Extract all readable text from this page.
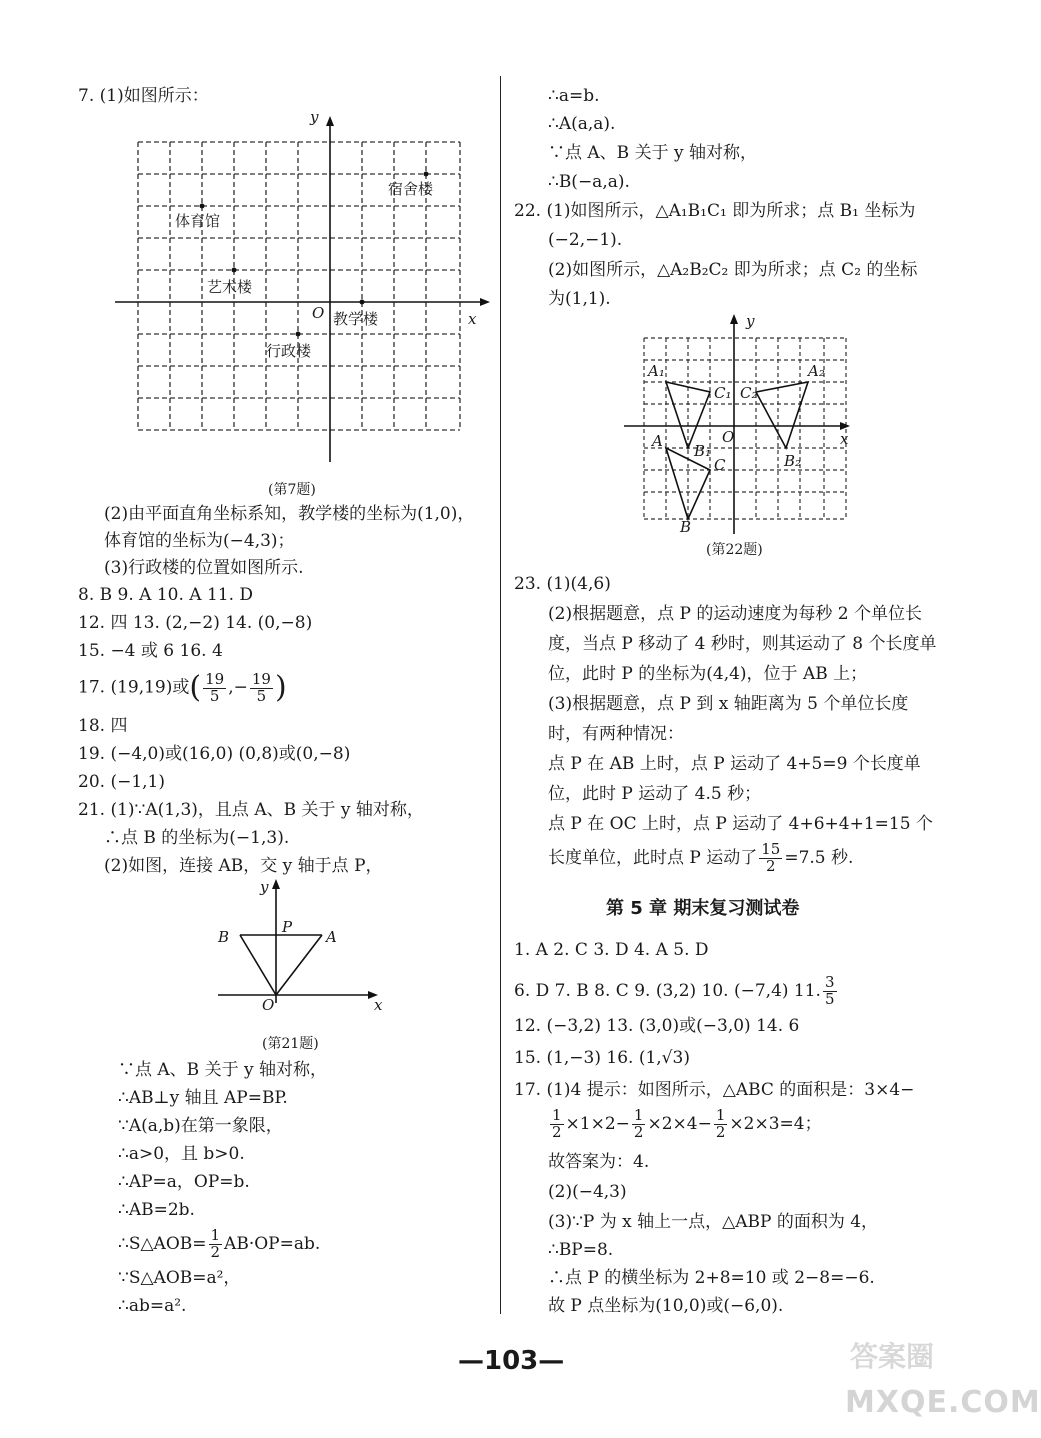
7. (1)如图所示：
y
x
O
宿舍楼
体育馆
艺术楼
教学楼
行政楼
(第7题)
(2)由平面直角坐标系知，教学楼的坐标为(1,0)，
体育馆的坐标为(−4,3)；
(3)行政楼的位置如图所示.
8. B 9. A 10. A 11. D
12. 四 13. (2,−2) 14. (0,−8)
15. −4 或 6 16. 4
17. (19,19)或( $\frac{19}{5}$ ,− $\frac{19}{5}$ )
18. 四
19. (−4,0)或(16,0) (0,8)或(0,−8)
20. (−1,1)
21. (1)∵A(1,3)，且点 A、B 关于 y 轴对称，
∴点 B 的坐标为(−1,3).
(2)如图，连接 AB，交 y 轴于点 P，
y
B
P
A
O	x
(第21题)
∵点 A、B 关于 y 轴对称，
∴AB⊥y 轴且 AP=BP.
∵A(a,b)在第一象限，
∴a>0，且 b>0.
∴AP=a，OP=b.
∴AB=2b.
∴S△AOB= $\frac{1}{2} AB\cdot OP=ab$.
∵S△AOB=a²，
∴ab=a².
∴a=b.
∴A(a,a).
∵点 A、B 关于 y 轴对称，
∴B(−a,a).
22. (1)如图所示，△A₁B₁C₁ 即为所求；点 B₁ 坐标为
(−2,−1).
(2)如图所示，△A₂B₂C₂ 即为所求；点 C₂ 的坐标
为(1,1).
y
x
O
A₁
C₁ C₂
A₂
A
B₁
B₂
C
B
(第22题)
23. (1)(4,6)
(2)根据题意，点 P 的运动速度为每秒 2 个单位长
度，当点 P 移动了 4 秒时，则其运动了 8 个长度单
位，此时 P 的坐标为(4,4)，位于 AB 上；
(3)根据题意，点 P 到 x 轴距离为 5 个单位长度
时，有两种情况：
点 P 在 AB 上时，点 P 运动了 4+5=9 个长度单
位，此时 P 运动了 4.5 秒；
点 P 在 OC 上时，点 P 运动了 4+6+4+1=15 个
长度单位，此时点 P 运动了 $\frac{15}{2} =7.5$ 秒.
第 5 章 期末复习测试卷
1. A 2. C 3. D 4. A 5. D
6. D 7. B 8. C 9. (3,2) 10. (−7,4) 11. $\frac{3}{5}$
12. (−3,2) 13. (3,0)或(−3,0) 14. 6
15. (1,−3) 16. (1,√3)
17. (1)4 提示：如图所示，△ABC 的面积是：3×4−
$\frac{1}{2} \times 1\times 2- \frac{1}{2} \times 2\times 4- \frac{1}{2} \times 2\times 3=4$；
故答案为：4.
(2)(−4,3)
(3)∵P 为 x 轴上一点，△ABP 的面积为 4，
∴BP=8.
∴点 P 的横坐标为 2+8=10 或 2−8=−6.
故 P 点坐标为(10,0)或(−6,0).
—103—	答案圈
MXQE.COM
